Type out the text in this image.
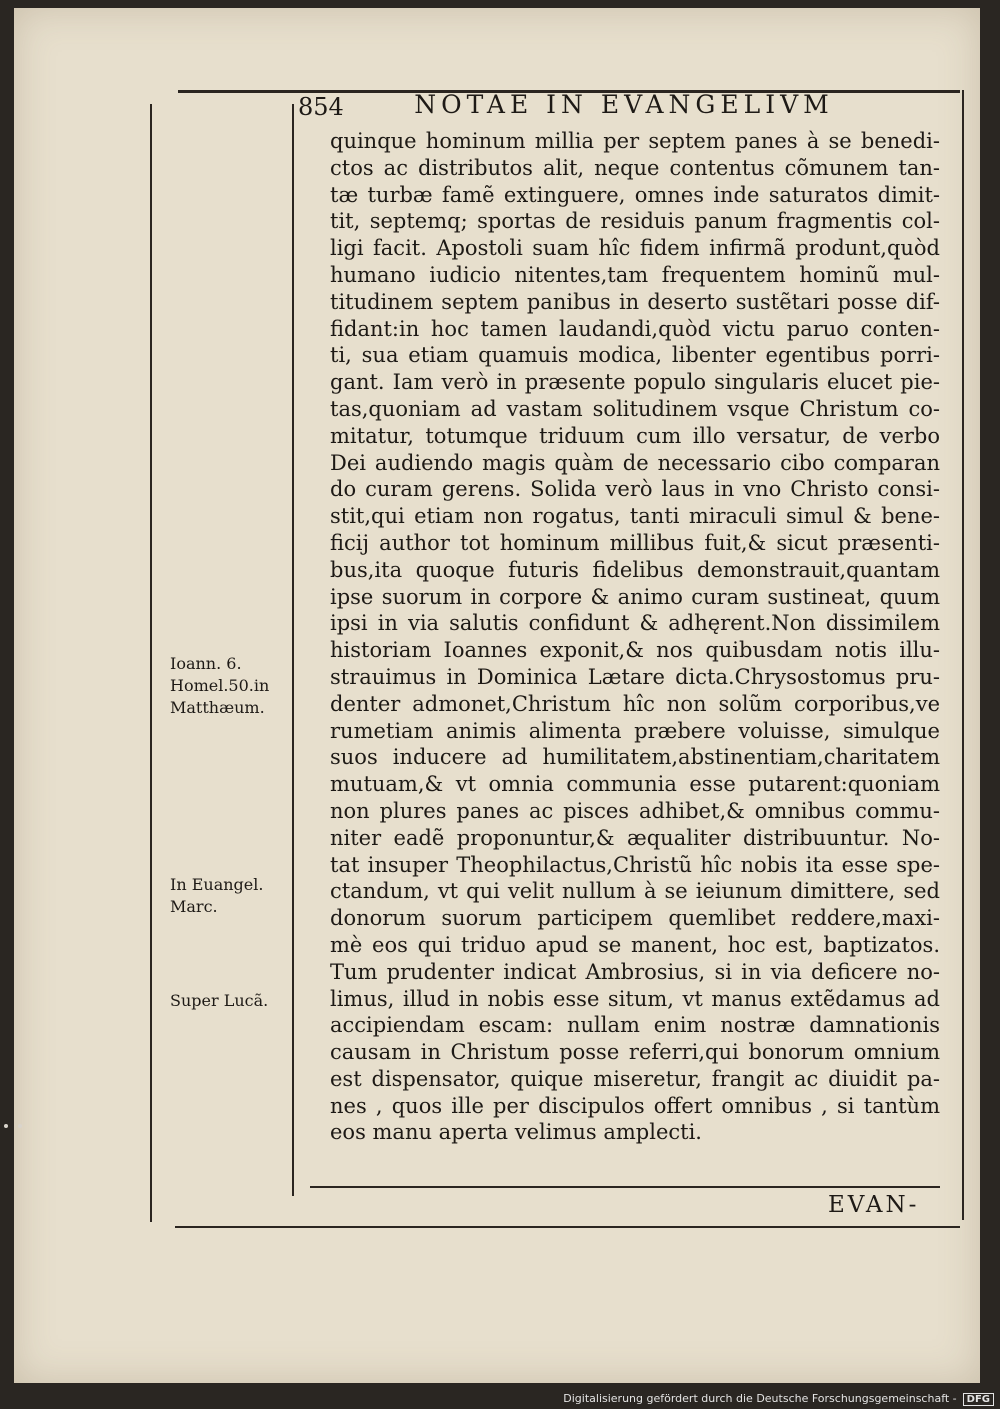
854	NOTAE IN EVANGELIVM
quinque hominum millia per septem panes à se benedi-
ctos ac distributos alit, neque contentus cõmunem tan-
tæ turbæ famẽ extinguere, omnes inde saturatos dimit-
tit, septemq; sportas de residuis panum fragmentis col-
ligi facit. Apostoli suam hîc fidem infirmã produnt,quòd
humano iudicio nitentes,tam frequentem hominũ mul-
titudinem septem panibus in deserto sustẽtari posse dif-
fidant:in hoc tamen laudandi,quòd victu paruo conten-
ti, sua etiam quamuis modica, libenter egentibus porri-
gant. Iam verò in præsente populo singularis elucet pie-
tas,quoniam ad vastam solitudinem vsque Christum co-
mitatur, totumque triduum cum illo versatur, de verbo
Dei audiendo magis quàm de necessario cibo comparan
do curam gerens. Solida verò laus in vno Christo consi-
stit,qui etiam non rogatus, tanti miraculi simul & bene-
ficij author tot hominum millibus fuit,& sicut præsenti-
bus,ita quoque futuris fidelibus demonstrauit,quantam
ipse suorum in corpore & animo curam sustineat, quum
ipsi in via salutis confidunt & adhęrent.Non dissimilem
historiam Ioannes exponit,& nos quibusdam notis illu-
strauimus in Dominica Lætare dicta.Chrysostomus pru-
denter admonet,Christum hîc non solũm corporibus,ve
rumetiam animis alimenta præbere voluisse, simulque
suos inducere ad humilitatem,abstinentiam,charitatem
mutuam,& vt omnia communia esse putarent:quoniam
non plures panes ac pisces adhibet,& omnibus commu-
niter eadẽ proponuntur,& æqualiter distribuuntur. No-
tat insuper Theophilactus,Christũ hîc nobis ita esse spe-
ctandum, vt qui velit nullum à se ieiunum dimittere, sed
donorum suorum participem quemlibet reddere,maxi-
mè eos qui triduo apud se manent, hoc est, baptizatos.
Tum prudenter indicat Ambrosius, si in via deficere no-
limus, illud in nobis esse situm, vt manus extẽdamus ad
accipiendam escam: nullam enim nostræ damnationis
causam in Christum posse referri,qui bonorum omnium
est dispensator, quique miseretur, frangit ac diuidit pa-
nes , quos ille per discipulos offert omnibus , si tantùm
eos manu aperta velimus amplecti.
Ioann. 6.
Homel.50.in
Matthæum.
In Euangel.
Marc.
Super Lucã.
EVAN-
Digitalisierung gefördert durch die Deutsche Forschungsgemeinschaft - DFG
